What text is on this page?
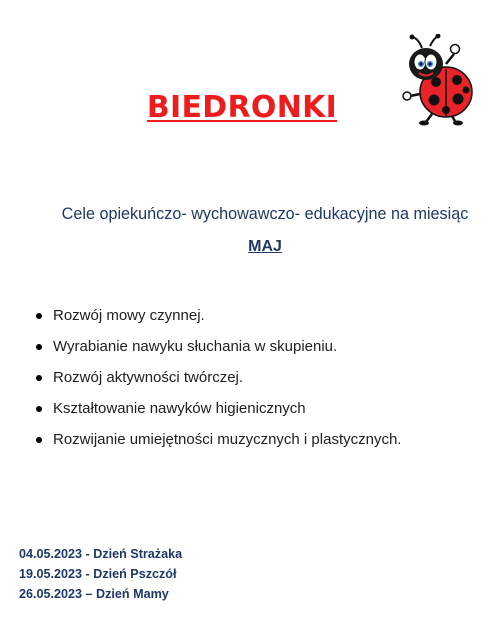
BIEDRONKI
Cele opiekuńczo- wychowawczo- edukacyjne na miesiąc
MAJ
Rozwój mowy czynnej.
Wyrabianie nawyku słuchania w skupieniu.
Rozwój aktywności twórczej.
Kształtowanie nawyków higienicznych
Rozwijanie umiejętności muzycznych i plastycznych.
04.05.2023 - Dzień Strażaka
19.05.2023 - Dzień Pszczół
26.05.2023 – Dzień Mamy
